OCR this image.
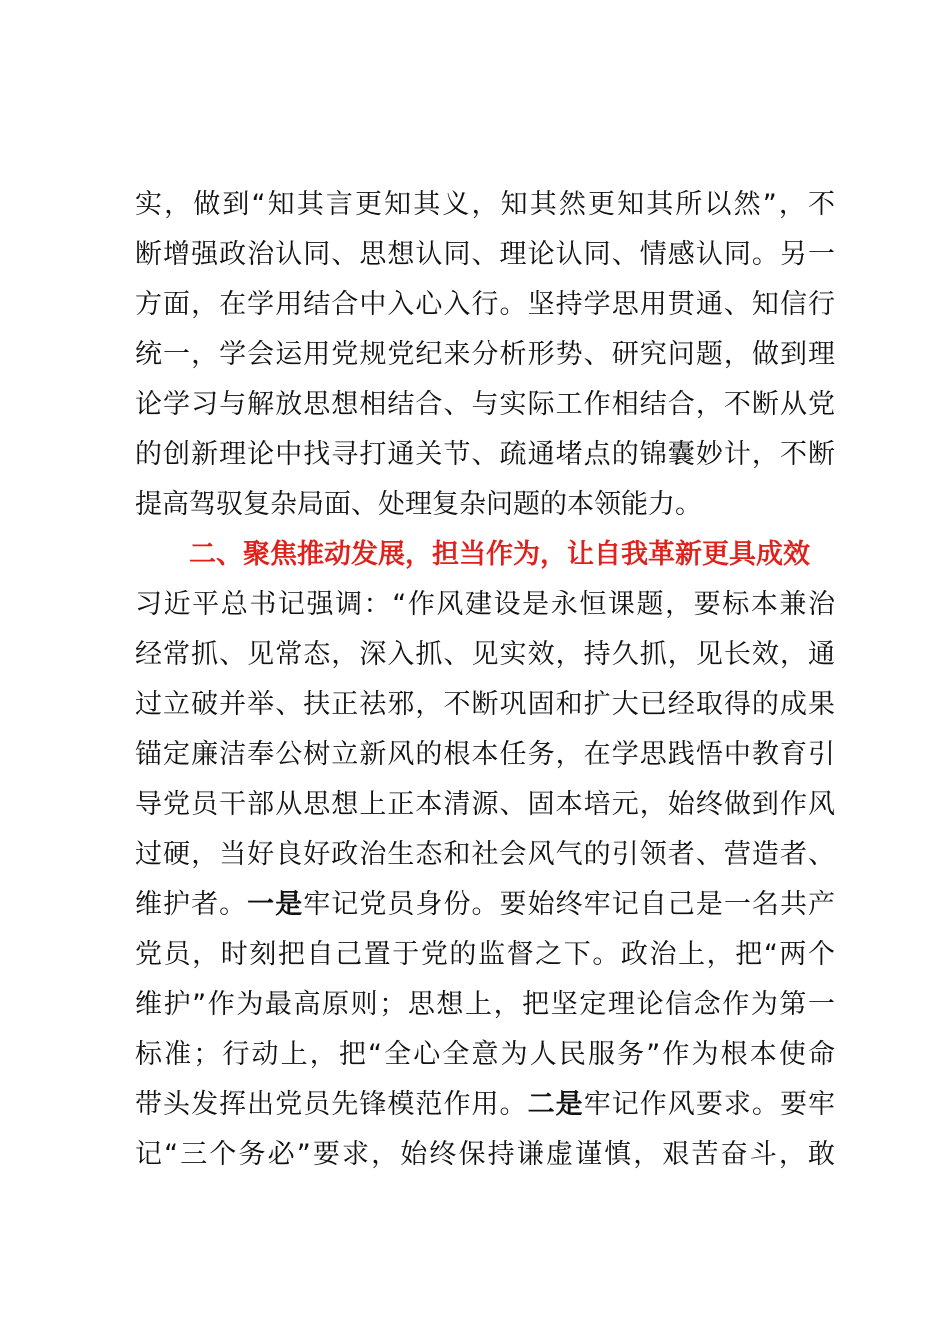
实，做到“知其言更知其义，知其然更知其所以然”，不
断增强政治认同、思想认同、理论认同、情感认同。另一
方面，在学用结合中入心入行。坚持学思用贯通、知信行
统一，学会运用党规党纪来分析形势、研究问题，做到理
论学习与解放思想相结合、与实际工作相结合，不断从党
的创新理论中找寻打通关节、疏通堵点的锦囊妙计，不断
提高驾驭复杂局面、处理复杂问题的本领能力。
二、聚焦推动发展，担当作为，让自我革新更具成效
习近平总书记强调：“作风建设是永恒课题，要标本兼治
经常抓、见常态，深入抓、见实效，持久抓，见长效，通
过立破并举、扶正祛邪，不断巩固和扩大已经取得的成果
锚定廉洁奉公树立新风的根本任务，在学思践悟中教育引
导党员干部从思想上正本清源、固本培元，始终做到作风
过硬，当好良好政治生态和社会风气的引领者、营造者、
维护者。一是牢记党员身份。要始终牢记自己是一名共产
党员，时刻把自己置于党的监督之下。政治上，把“两个
维护”作为最高原则；思想上，把坚定理论信念作为第一
标准；行动上，把“全心全意为人民服务”作为根本使命
带头发挥出党员先锋模范作用。二是牢记作风要求。要牢
记“三个务必”要求，始终保持谦虚谨慎，艰苦奋斗，敢
